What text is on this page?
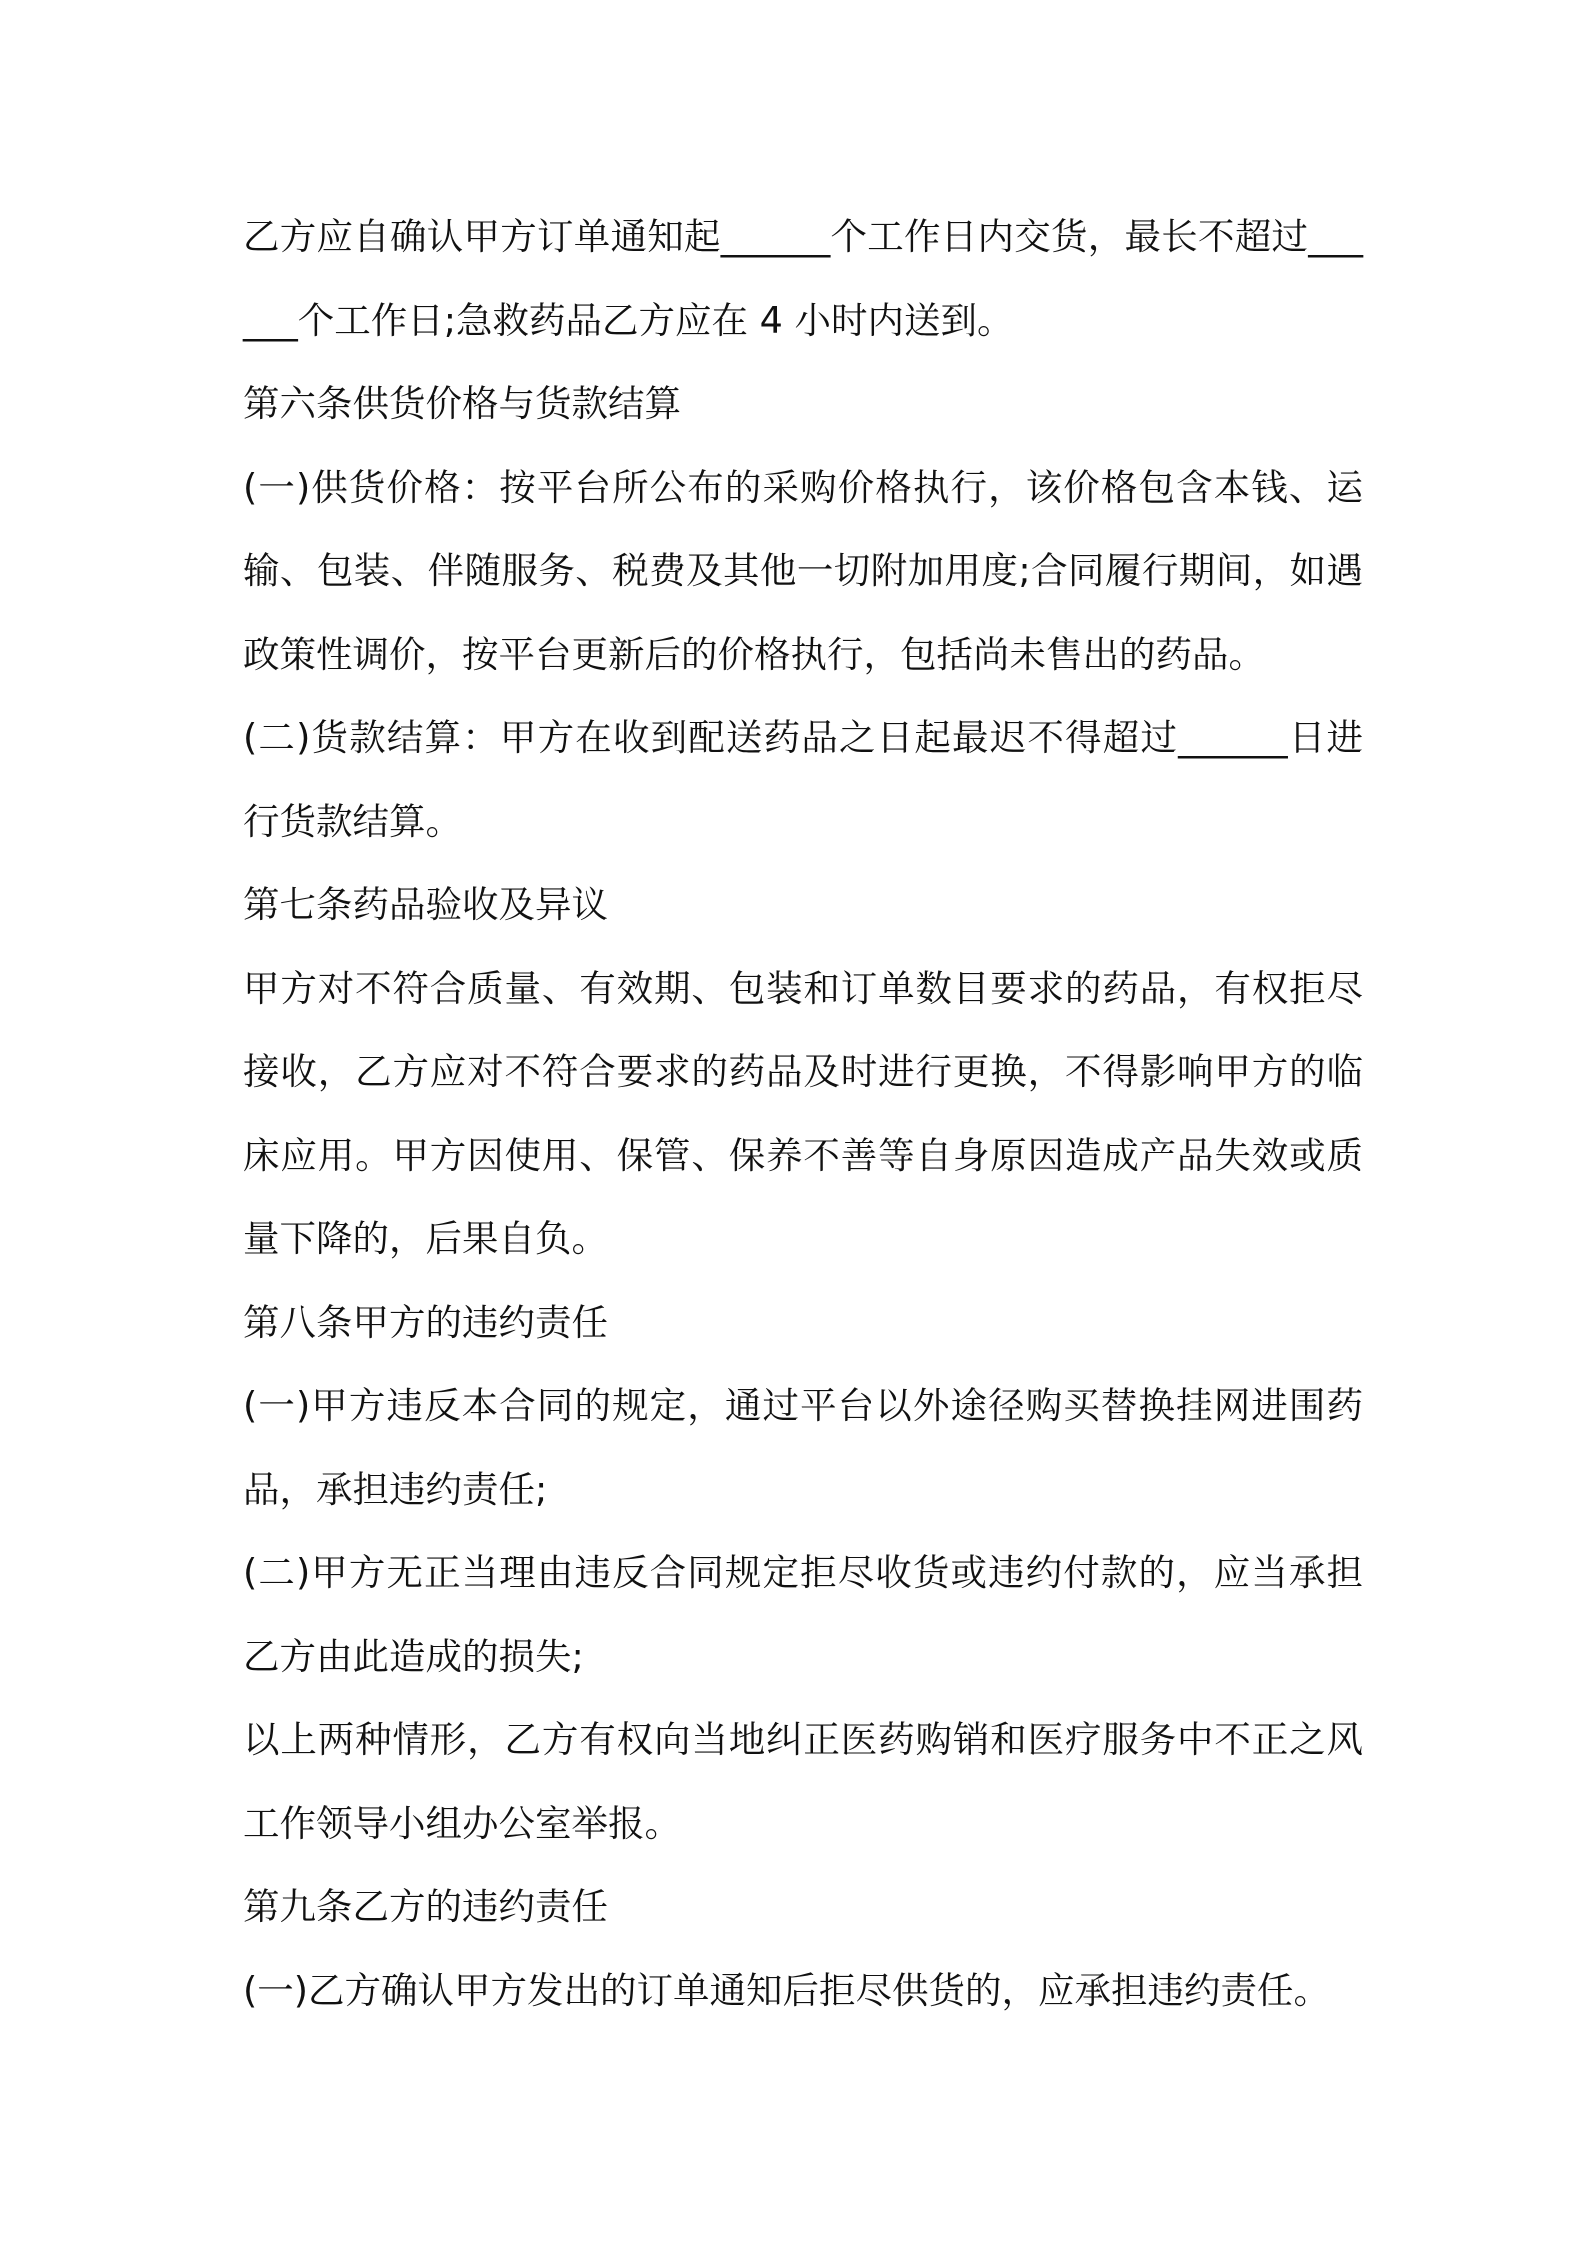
乙方应自确认甲方订单通知起______个工作日内交货，最长不超过______个工作日;急救药品乙方应在 4 小时内送到。

第六条供货价格与货款结算

(一)供货价格：按平台所公布的采购价格执行，该价格包含本钱、运输、包装、伴随服务、税费及其他一切附加用度;合同履行期间，如遇政策性调价，按平台更新后的价格执行，包括尚未售出的药品。

(二)货款结算：甲方在收到配送药品之日起最迟不得超过______日进行货款结算。

第七条药品验收及异议

甲方对不符合质量、有效期、包装和订单数目要求的药品，有权拒尽接收，乙方应对不符合要求的药品及时进行更换，不得影响甲方的临床应用。甲方因使用、保管、保养不善等自身原因造成产品失效或质量下降的，后果自负。

第八条甲方的违约责任

(一)甲方违反本合同的规定，通过平台以外途径购买替换挂网进围药品，承担违约责任;

(二)甲方无正当理由违反合同规定拒尽收货或违约付款的，应当承担乙方由此造成的损失;

以上两种情形，乙方有权向当地纠正医药购销和医疗服务中不正之风工作领导小组办公室举报。

第九条乙方的违约责任

(一)乙方确认甲方发出的订单通知后拒尽供货的，应承担违约责任。
